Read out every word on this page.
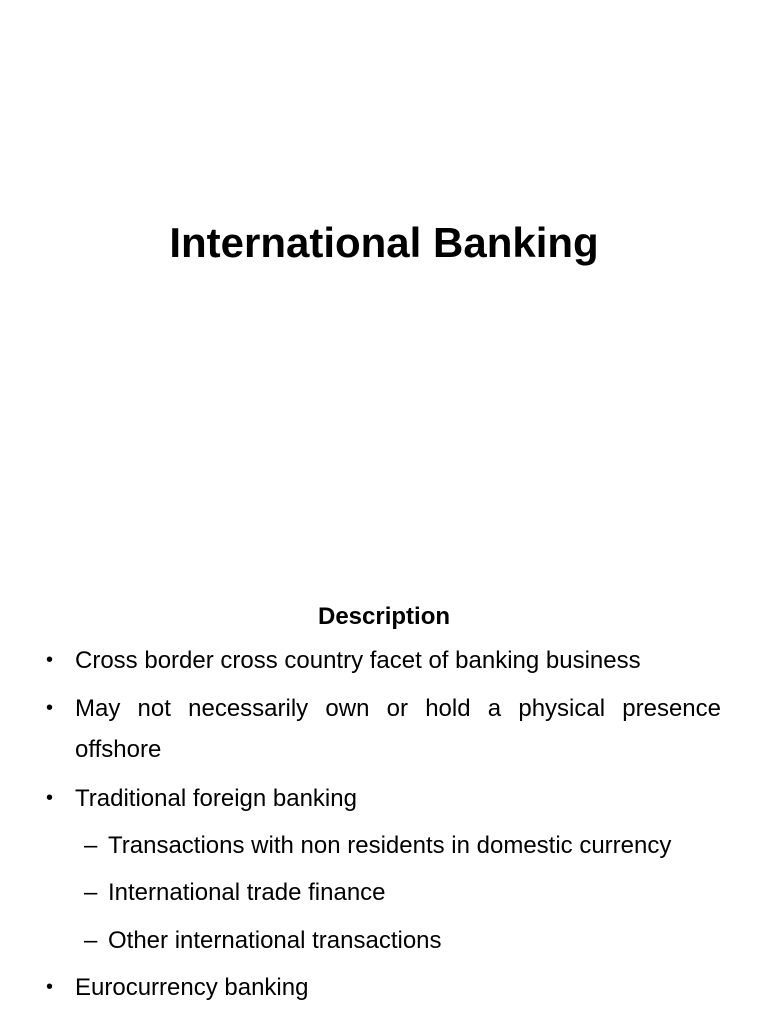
International Banking
Description
• Cross border cross country facet of banking business
• May not necessarily own or hold a physical presence
offshore
• Traditional foreign banking
– Transactions with non residents in domestic currency
– International trade finance
– Other international transactions
• Eurocurrency banking
